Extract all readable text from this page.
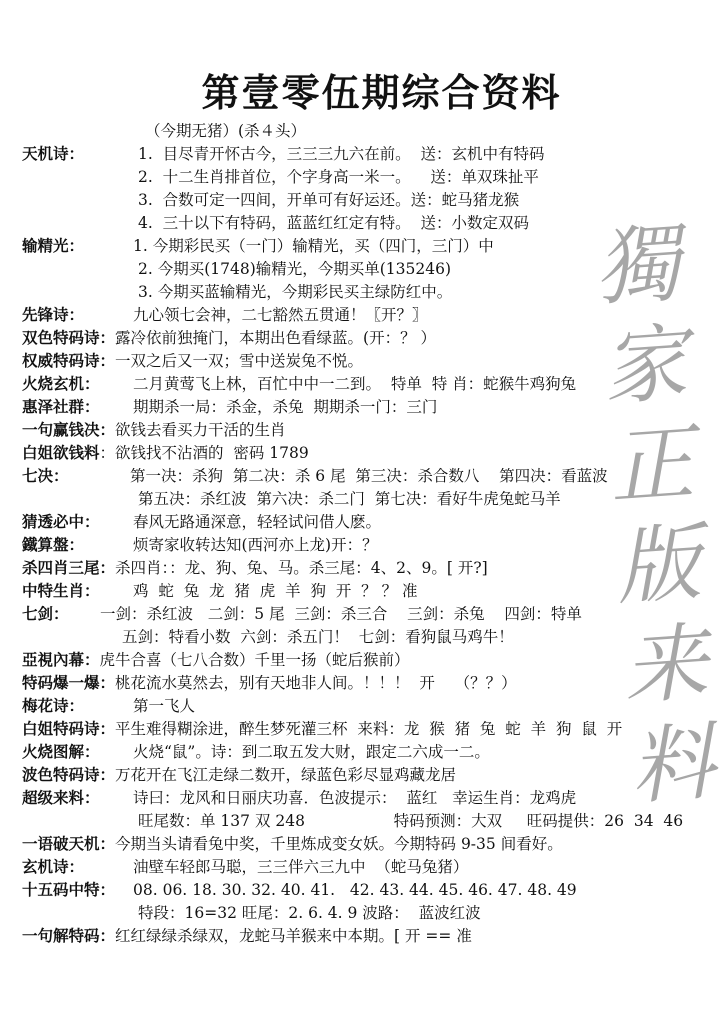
第壹零伍期综合资料
獨
家
正
版
来
料
（今期无猪）(杀４头）
天机诗：	1.  目尽青开怀古今，三三三九六在前。  送：玄机中有特码
2.  十二生肖排首位，个字身高一米一。    送：单双珠扯平
3.  合数可定一四间，开单可有好运还。送：蛇马猪龙猴
4.  三十以下有特码，蓝蓝红红定有特。  送：小数定双码
输精光：	1. 今期彩民买（一门）输精光，买（四门，三门）中
2. 今期买(1748)输精光，今期买单(135246)
3. 今期买蓝输精光，今期彩民买主绿防红中。
先锋诗：	九心领七会神，二七豁然五贯通！〖开？〗
双色特码诗：露冷依前独掩门，本期出色看绿蓝。(开：？ ）
权威特码诗：一双之后又一双；雪中送炭兔不悦。
火烧玄机： 二月黄莺飞上林，百忙中中一二到。  特单  特 肖：蛇猴牛鸡狗兔
惠泽社群： 期期杀一局：杀金，杀兔  期期杀一门：三门
一句赢钱决：欲钱去看买力干活的生肖
白姐欲钱料：欲钱找不沾酒的  密码 1789
七决：	第一决：杀狗  第二决：杀 6 尾  第三决：杀合数八    第四决：看蓝波
第五决：杀红波  第六决：杀二门  第七决：看好牛虎兔蛇马羊
猜透必中： 春风无路通深意，轻轻试问借人麽。
鐵算盤：	烦寄家收转达知(西河亦上龙)开：？
杀四肖三尾：杀四肖：：龙、狗、兔、马。杀三尾：4、2、9。[ 开?]
中特生肖： 鸡  蛇  兔  龙  猪  虎  羊  狗  开  ？ ？ 准
七剑： 一剑：杀红波   二剑：5 尾  三剑：杀三合    三剑：杀兔    四剑：特单
五剑：特看小数  六剑：杀五门！  七剑：看狗鼠马鸡牛！
亞視內幕：虎牛合喜（七八合数）千里一扬（蛇后猴前）
特码爆一爆：桃花流水莫然去，别有天地非人间。！！！  开    （？？）
梅花诗：	第一飞人
白姐特码诗：平生难得糊涂进，醉生梦死灌三杯  来料：龙  猴  猪  兔  蛇  羊  狗  鼠  开
火烧图解： 火烧“鼠”。诗：到二取五发大财，跟定二六成一二。
波色特码诗：万花开在飞江走绿二数开，绿蓝色彩尽显鸡藏龙居
超级来料： 诗曰：龙风和日丽庆功喜．色波提示：  蓝红   幸运生肖：龙鸡虎
旺尾数：单 137 双 248                  特码预测：大双     旺码提供：26  34  46
一语破天机：今期当头请看兔中奖，千里炼成变女妖。今期特码 9-35 间看好。
玄机诗：	油壁车轻郎马聪，三三伴六三九中  （蛇马兔猪）
十五码中特： 08. 06. 18. 30. 32. 40. 41.   42. 43. 44. 45. 46. 47. 48. 49
特段：16=32 旺尾：2. 6. 4. 9 波路：  蓝波红波
一句解特码：红红绿绿杀绿双，龙蛇马羊猴来中本期。[ 开 == 准
